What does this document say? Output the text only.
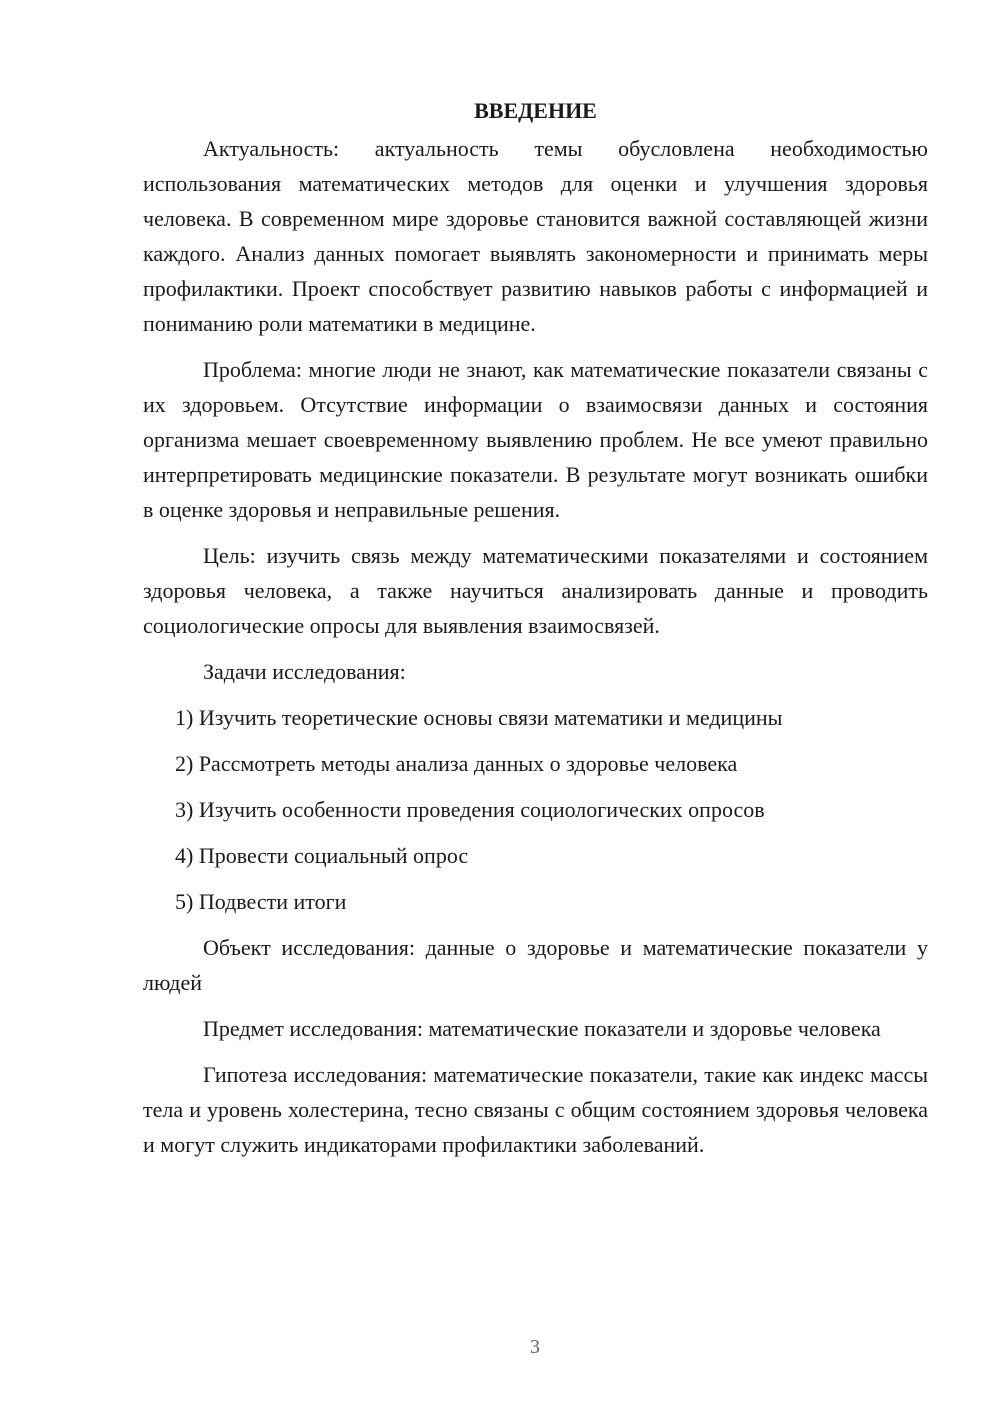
ВВЕДЕНИЕ

Актуальность: актуальность темы обусловлена необходимостью использования математических методов для оценки и улучшения здоровья человека. В современном мире здоровье становится важной составляющей жизни каждого. Анализ данных помогает выявлять закономерности и принимать меры профилактики. Проект способствует развитию навыков работы с информацией и пониманию роли математики в медицине.

Проблема: многие люди не знают, как математические показатели связаны с их здоровьем. Отсутствие информации о взаимосвязи данных и состояния организма мешает своевременному выявлению проблем. Не все умеют правильно интерпретировать медицинские показатели. В результате могут возникать ошибки в оценке здоровья и неправильные решения.

Цель: изучить связь между математическими показателями и состоянием здоровья человека, а также научиться анализировать данные и проводить социологические опросы для выявления взаимосвязей.

Задачи исследования:

1) Изучить теоретические основы связи математики и медицины

2) Рассмотреть методы анализа данных о здоровье человека

3) Изучить особенности проведения социологических опросов

4) Провести социальный опрос

5) Подвести итоги

Объект исследования: данные о здоровье и математические показатели у людей

Предмет исследования: математические показатели и здоровье человека

Гипотеза исследования: математические показатели, такие как индекс массы тела и уровень холестерина, тесно связаны с общим состоянием здоровья человека и могут служить индикаторами профилактики заболеваний.

3
